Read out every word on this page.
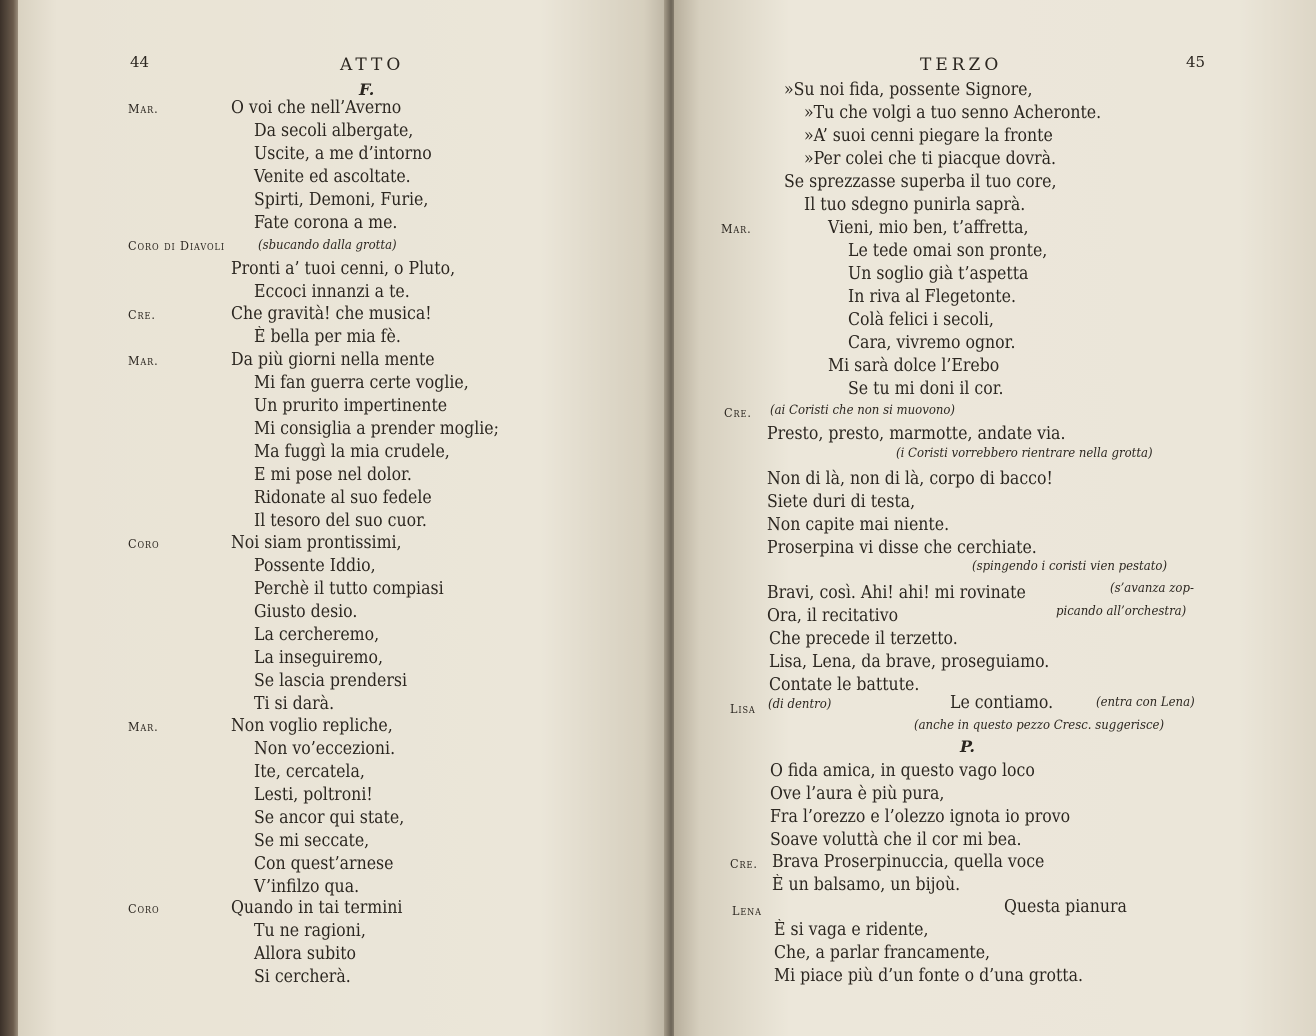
44	ATTO
F.
Mar.	O voi che nell’Averno
Da secoli albergate,
Uscite, a me d’intorno
Venite ed ascoltate.
Spirti, Demoni, Furie,
Fate corona a me.
Coro di Diavoli	(sbucando dalla grotta)
Pronti a’ tuoi cenni, o Pluto,
Eccoci innanzi a te.
Cre.	Che gravità! che musica!
È bella per mia fè.
Mar.	Da più giorni nella mente
Mi fan guerra certe voglie,
Un prurito impertinente
Mi consiglia a prender moglie;
Ma fuggì la mia crudele,
E mi pose nel dolor.
Ridonate al suo fedele
Il tesoro del suo cuor.
Coro	Noi siam prontissimi,
Possente Iddio,
Perchè il tutto compiasi
Giusto desio.
La cercheremo,
La inseguiremo,
Se lascia prendersi
Ti si darà.
Mar.	Non voglio repliche,
Non vo’eccezioni.
Ite, cercatela,
Lesti, poltroni!
Se ancor qui state,
Se mi seccate,
Con quest’arnese
V’infilzo qua.
Coro	Quando in tai termini
Tu ne ragioni,
Allora subito
Si cercherà.
TERZO	45
»Su noi fida, possente Signore,
»Tu che volgi a tuo senno Acheronte.
»A’ suoi cenni piegare la fronte
»Per colei che ti piacque dovrà.
Se sprezzasse superba il tuo core,
Il tuo sdegno punirla saprà.
Mar.	Vieni, mio ben, t’affretta,
Le tede omai son pronte,
Un soglio già t’aspetta
In riva al Flegetonte.
Colà felici i secoli,
Cara, vivremo ognor.
Mi sarà dolce l’Erebo
Se tu mi doni il cor.
Cre. (ai Coristi che non si muovono)
Presto, presto, marmotte, andate via.
(i Coristi vorrebbero rientrare nella grotta)
Non di là, non di là, corpo di bacco!
Siete duri di testa,
Non capite mai niente.
Proserpina vi disse che cerchiate.
(spingendo i coristi vien pestato)
Bravi, così. Ahi! ahi! mi rovinate	(s’avanza zop-
Ora, il recitativo	picando all’orchestra)
Che precede il terzetto.
Lisa, Lena, da brave, proseguiamo.
Contate le battute.
Lisa (di dentro)	Le contiamo.	(entra con Lena)
(anche in questo pezzo Cresc. suggerisce)
P.
O fida amica, in questo vago loco
Ove l’aura è più pura,
Fra l’orezzo e l’olezzo ignota io provo
Soave voluttà che il cor mi bea.
Cre. Brava Proserpinuccia, quella voce
È un balsamo, un bijoù.
Lena	Questa pianura
È si vaga e ridente,
Che, a parlar francamente,
Mi piace più d’un fonte o d’una grotta.
